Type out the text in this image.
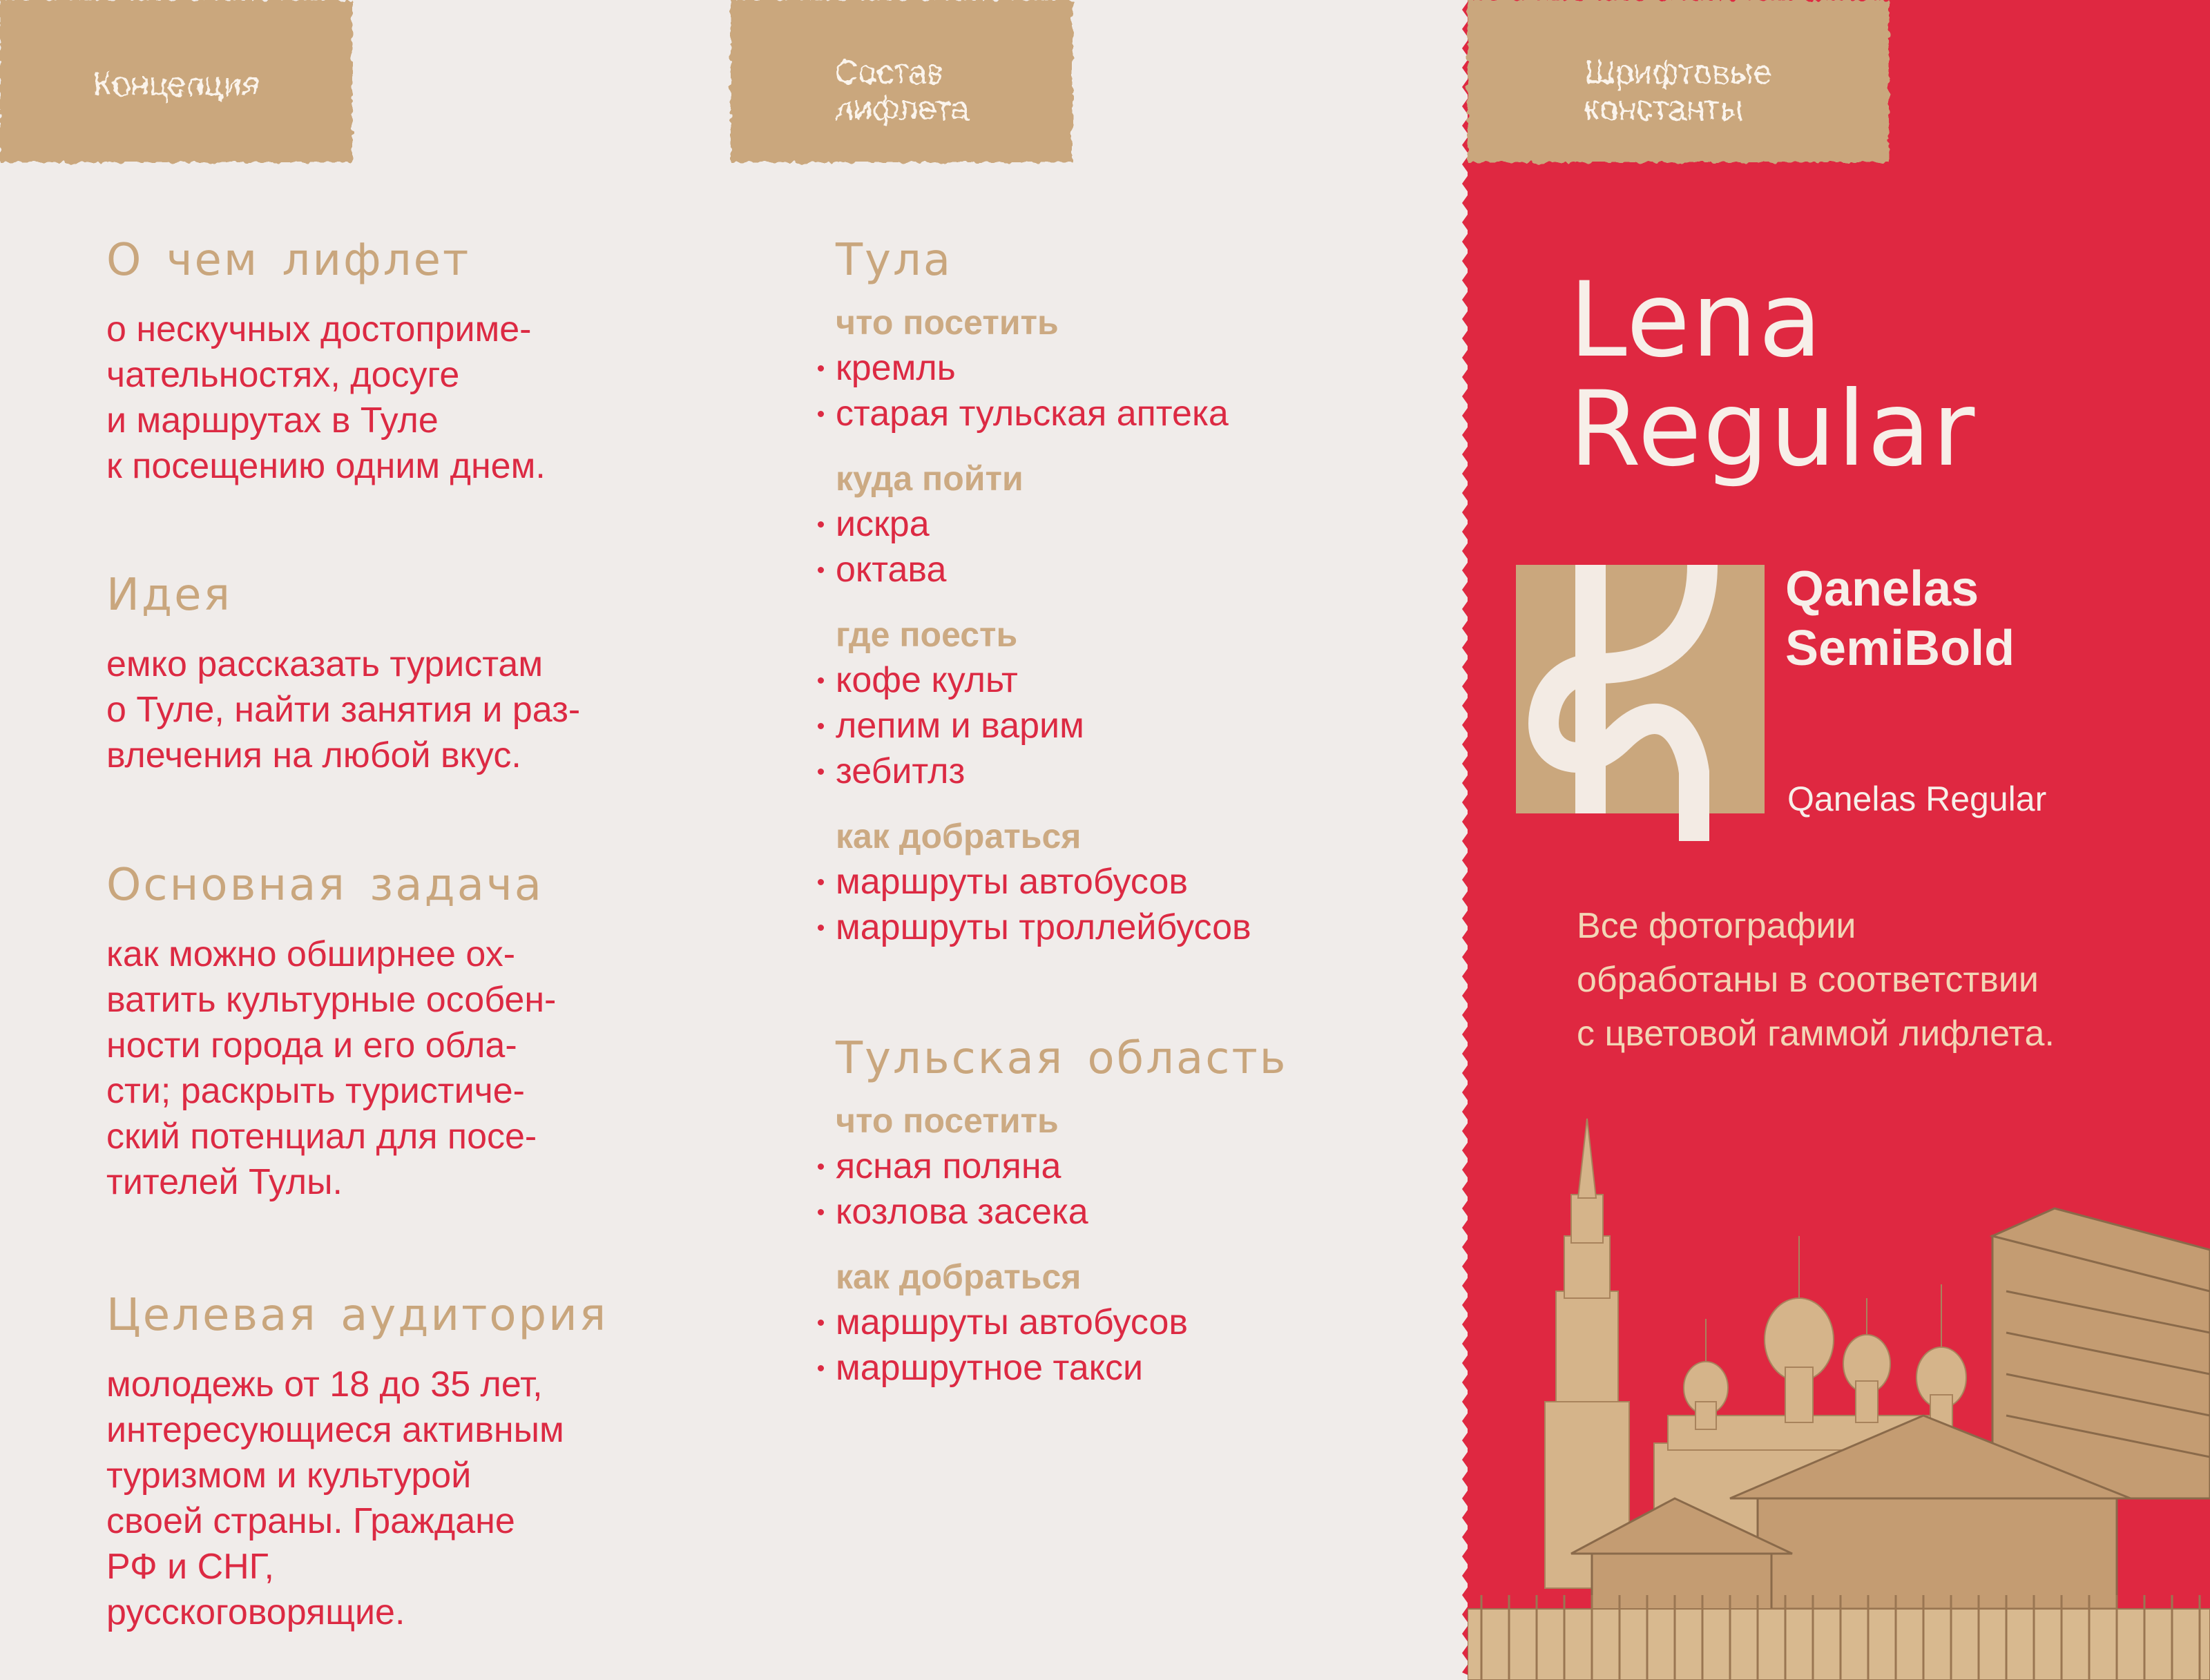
Концепция	Состав
лифлета
Шрифтовые
константы
О чем лифлет

о нескучных достоприме-
чательностях, досуге
и маршрутах в Туле
к посещению одним днем.

Идея

емко рассказать туристам
о Туле, найти занятия и раз-
влечения на любой вкус.

Основная задача

как можно обширнее ох-
ватить культурные особен-
ности города и его обла-
сти; раскрыть туристиче-
ский потенциал для посе-
тителей Тулы.

Целевая аудитория

молодежь от 18 до 35 лет,
интересующиеся активным
туризмом и культурой
своей страны. Граждане
РФ и СНГ,
русскоговорящие.

Тула

что посетить

кремль

старая тульская аптека

куда пойти

искра

октава

где поесть

кофе культ

лепим и варим

зебитлз

как добраться

маршруты автобусов

маршруты троллейбусов

Тульская область

что посетить

ясная поляна

козлова засека

как добраться

маршруты автобусов

маршрутное такси

Lena
Regular
Qanelas
SemiBold
Qanelas Regular
Все фотографии
обработаны в соответствии
с цветовой гаммой лифлета.
